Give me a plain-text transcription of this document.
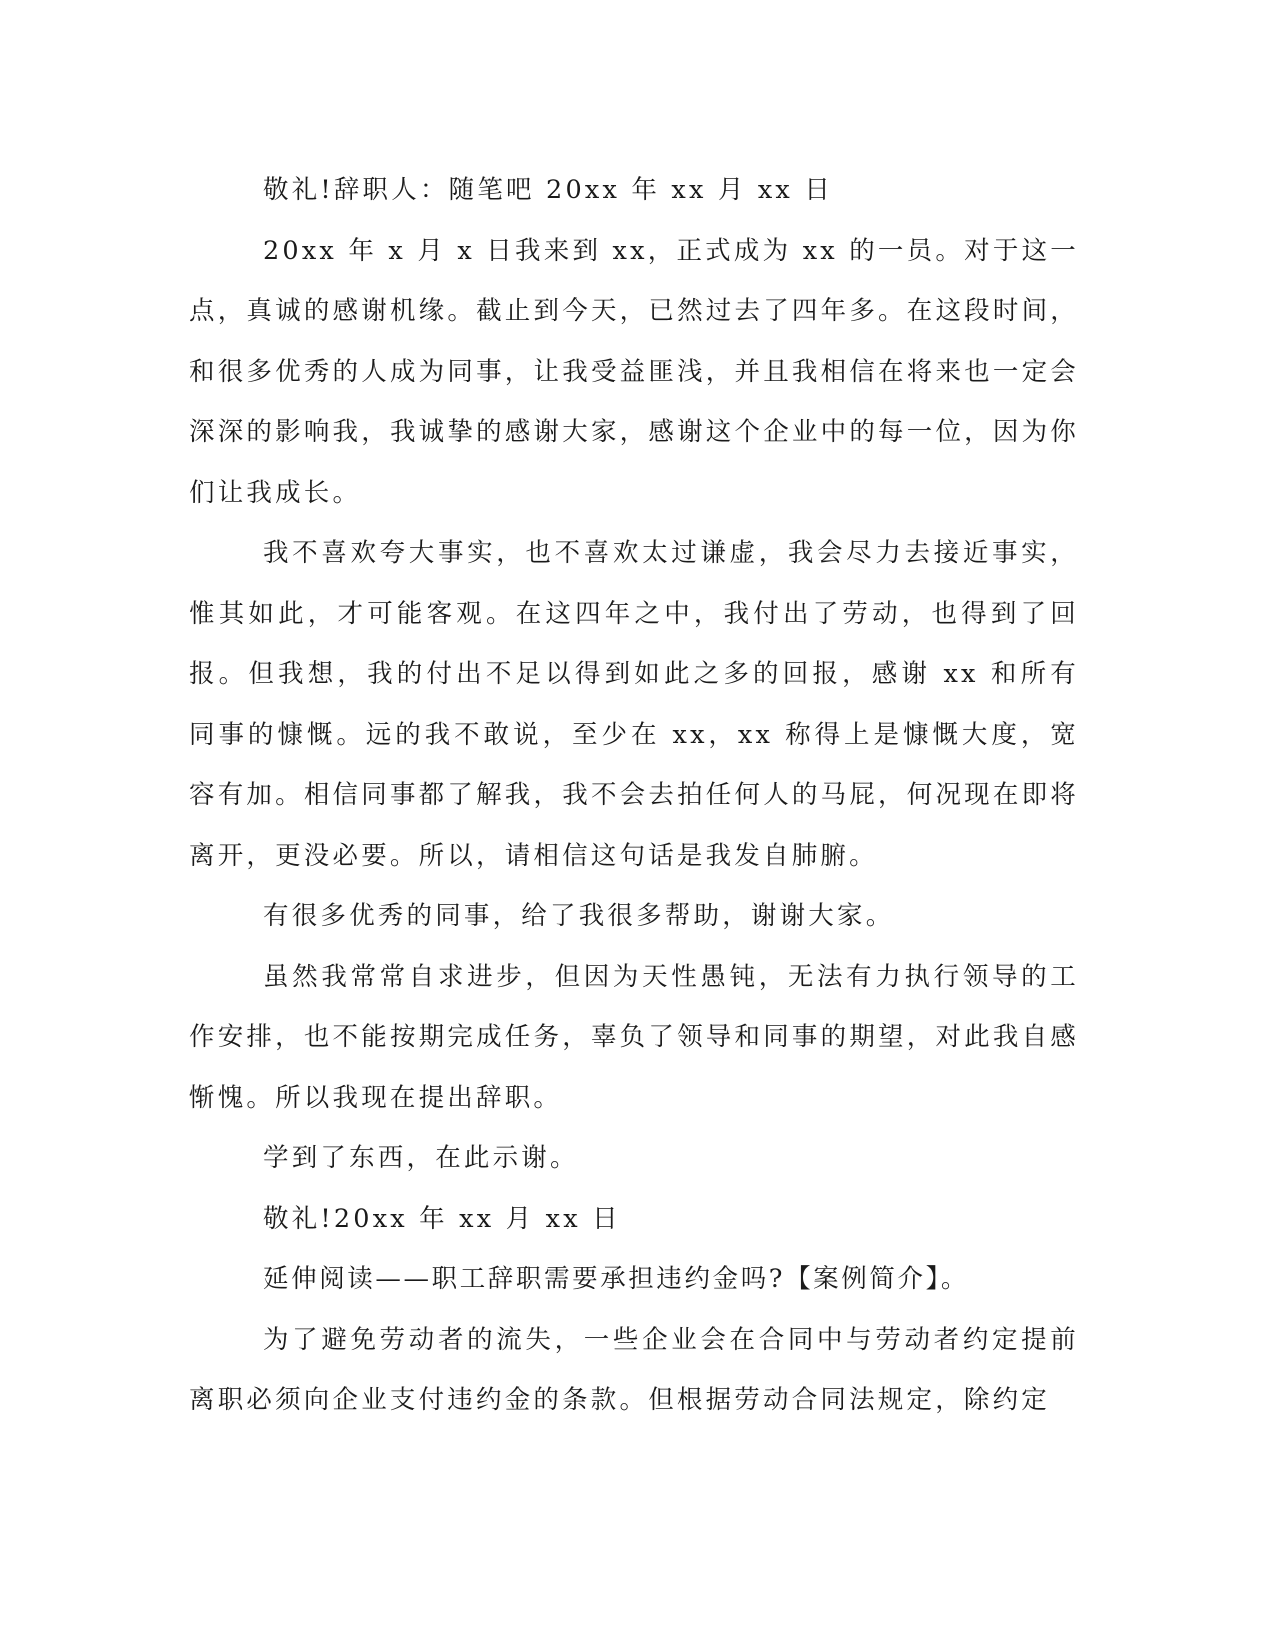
敬礼!辞职人：随笔吧 20xx 年 xx 月 xx 日

20xx 年 x 月 x 日我来到 xx，正式成为 xx 的一员。对于这一点，真诚的感谢机缘。截止到今天，已然过去了四年多。在这段时间，和很多优秀的人成为同事，让我受益匪浅，并且我相信在将来也一定会深深的影响我，我诚挚的感谢大家，感谢这个企业中的每一位，因为你们让我成长。

我不喜欢夸大事实，也不喜欢太过谦虚，我会尽力去接近事实，惟其如此，才可能客观。在这四年之中，我付出了劳动，也得到了回报。但我想，我的付出不足以得到如此之多的回报，感谢 xx 和所有同事的慷慨。远的我不敢说，至少在 xx，xx 称得上是慷慨大度，宽容有加。相信同事都了解我，我不会去拍任何人的马屁，何况现在即将离开，更没必要。所以，请相信这句话是我发自肺腑。

有很多优秀的同事，给了我很多帮助，谢谢大家。

虽然我常常自求进步，但因为天性愚钝，无法有力执行领导的工作安排，也不能按期完成任务，辜负了领导和同事的期望，对此我自感惭愧。所以我现在提出辞职。

学到了东西，在此示谢。

敬礼!20xx 年 xx 月 xx 日

延伸阅读——职工辞职需要承担违约金吗?【案例简介】。

为了避免劳动者的流失，一些企业会在合同中与劳动者约定提前离职必须向企业支付违约金的条款。但根据劳动合同法规定，除约定
